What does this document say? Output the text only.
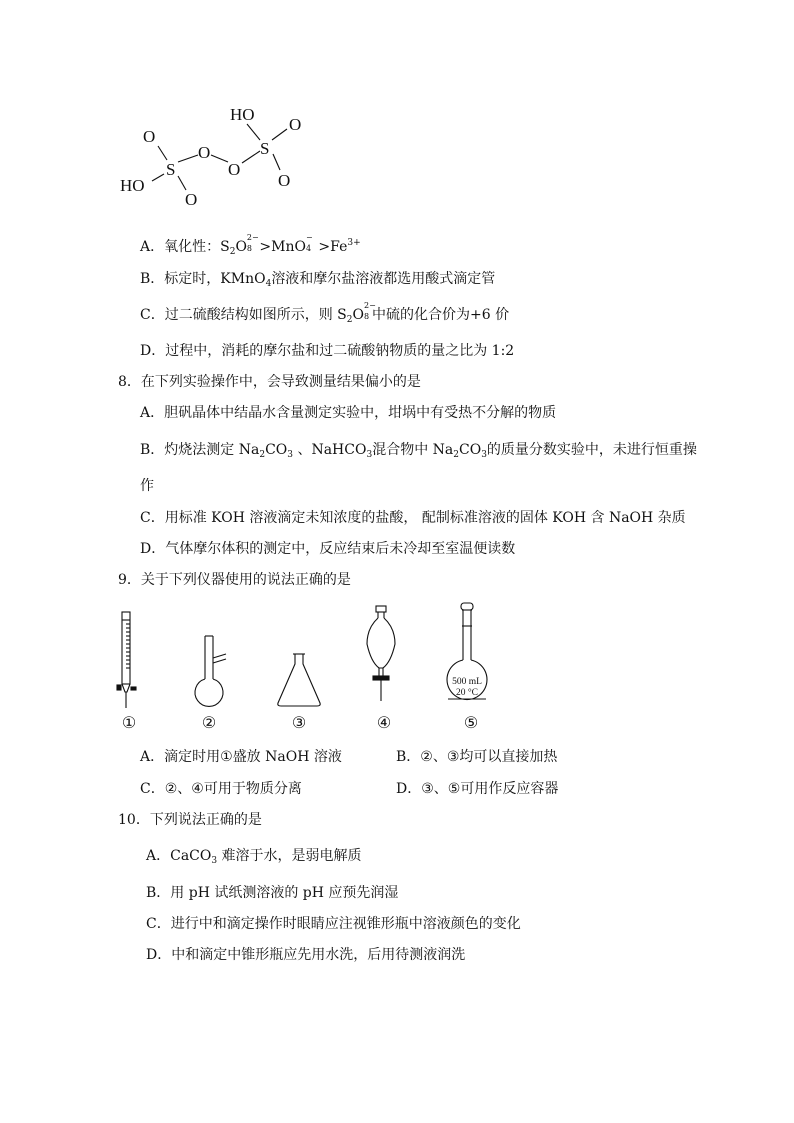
HO
O
S
O
O
O
O
S
HO
O
A．氧化性：$S_2O$
2−
8 >MnO
−
$4 >Fe^{3+}$
B．标定时，KMnO$_4$溶液和摩尔盐溶液都选用酸式滴定管
C．过二硫酸结构如图所示，则 $S_2O$
2−
8 中硫的化合价为+6 价
D．过程中，消耗的摩尔盐和过二硫酸钠物质的量之比为 1:2
8．在下列实验操作中，会导致测量结果偏小的是
A．胆矾晶体中结晶水含量测定实验中，坩埚中有受热不分解的物质
B．灼烧法测定 $Na_2CO_3$ 、NaHCO$_3$混合物中 $Na_2CO_3$的质量分数实验中，未进行恒重操
作
C．用标准 KOH 溶液滴定未知浓度的盐酸， 配制标准溶液的固体 KOH 含 NaOH 杂质
D．气体摩尔体积的测定中，反应结束后未冷却至室温便读数
9．关于下列仪器使用的说法正确的是
500 mL
20 °C
①	②	③	④	⑤
A．滴定时用①盛放 NaOH 溶液	B．②、③均可以直接加热
C．②、④可用于物质分离	D．③、⑤可用作反应容器
10．下列说法正确的是
A．CaCO$_3$ 难溶于水，是弱电解质
B．用 pH 试纸测溶液的 pH 应预先润湿
C．进行中和滴定操作时眼睛应注视锥形瓶中溶液颜色的变化
D．中和滴定中锥形瓶应先用水洗，后用待测液润洗
